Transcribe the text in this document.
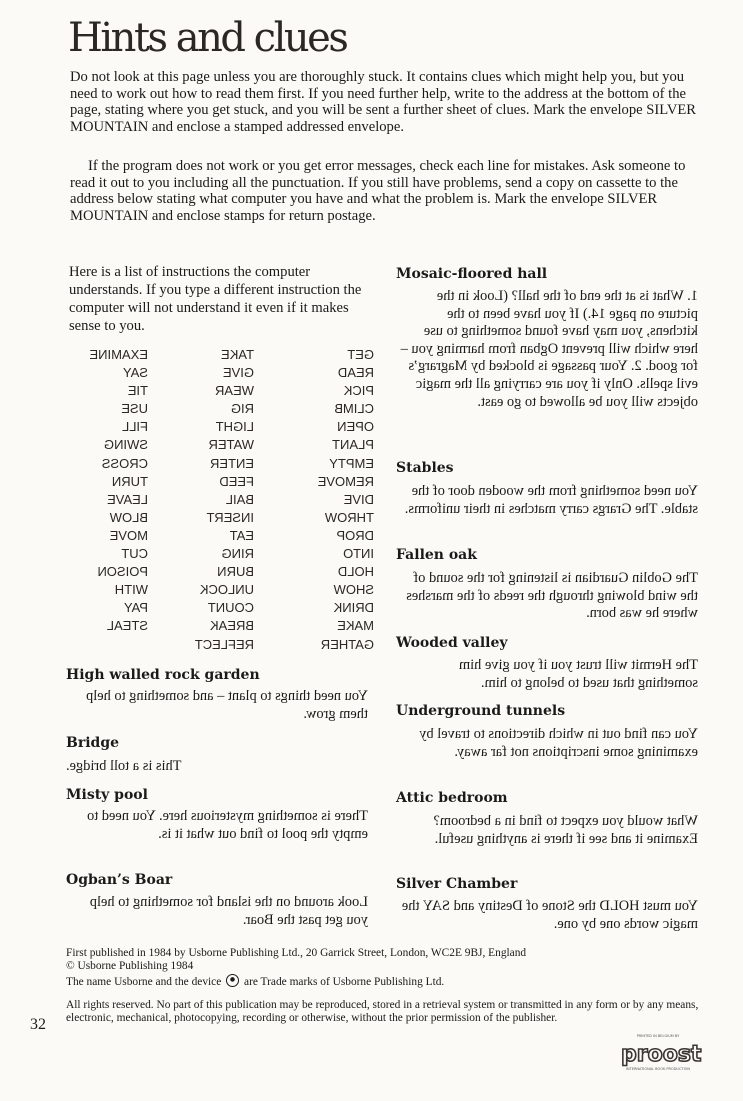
Hints and clues

Do not look at this page unless you are thoroughly stuck. It contains clues which might help you, but you need to work out how to read them first. If you need further help, write to the address at the bottom of the page, stating where you get stuck, and you will be sent a further sheet of clues. Mark the envelope SILVER MOUNTAIN and enclose a stamped addressed envelope.

If the program does not work or you get error messages, check each line for mistakes. Ask someone to read it out to you including all the punctuation. If you still have problems, send a copy on cassette to the address below stating what computer you have and what the problem is. Mark the envelope SILVER MOUNTAIN and enclose stamps for return postage.

Here is a list of instructions the computer understands. If you type a different instruction the computer will not understand it even if it makes sense to you.

GET
READ
PICK
CLIMB
OPEN
PLANT
EMPTY
REMOVE
DIVE
THROW
DROP
INTO
HOLD
SHOW
DRINK
MAKE
GATHER
TAKE
GIVE
WEAR
RIG
LIGHT
WATER
ENTER
FEED
BAIL
INSERT
EAT
RING
BURN
UNLOCK
COUNT
BREAK
REFLECT
EXAMINE
SAY
TIE
USE
FILL
SWING
CROSS
TURN
LEAVE
BLOW
MOVE
CUT
POISON
WITH
PAY
STEAL
High walled rock garden

You need things to plant – and something to help them grow.

Bridge

This is a toll bridge.

Misty pool

There is something mysterious here. You need to empty the pool to find out what it is.

Ogban’s Boar

Look around on the island for something to help you get past the Boar.

Mosaic-floored hall

1. What is at the end of the hall? (Look in the picture on page 14.) If you have been to the kitchens, you may have found something to use here which will prevent Ogban from harming you – for good. 2. Your passage is blocked by Magrarg’s evil spells. Only if you are carrying all the magic objects will you be allowed to go east.

Stables

You need something from the wooden door of the stable. The Grargs carry matches in their uniforms.

Fallen oak

The Goblin Guardian is listening for the sound of the wind blowing through the reeds of the marshes where he was born.

Wooded valley

The Hermit will trust you if you give him something that used to belong to him.

Underground tunnels

You can find out in which directions to travel by examining some inscriptions not far away.

Attic bedroom

What would you expect to find in a bedroom? Examine it and see if there is anything useful.

Silver Chamber

You must HOLD the Stone of Destiny and SAY the magic words one by one.

First published in 1984 by Usborne Publishing Ltd., 20 Garrick Street, London, WC2E 9BJ, England
© Usborne Publishing 1984
The name Usborne and the device are Trade marks of Usborne Publishing Ltd.
All rights reserved. No part of this publication may be reproduced, stored in a retrieval system or transmitted in any form or by any means, electronic, mechanical, photocopying, recording or otherwise, without the prior permission of the publisher.
32
PRINTED IN BELGIUM BY
proost
INTERNATIONAL BOOK PRODUCTION
